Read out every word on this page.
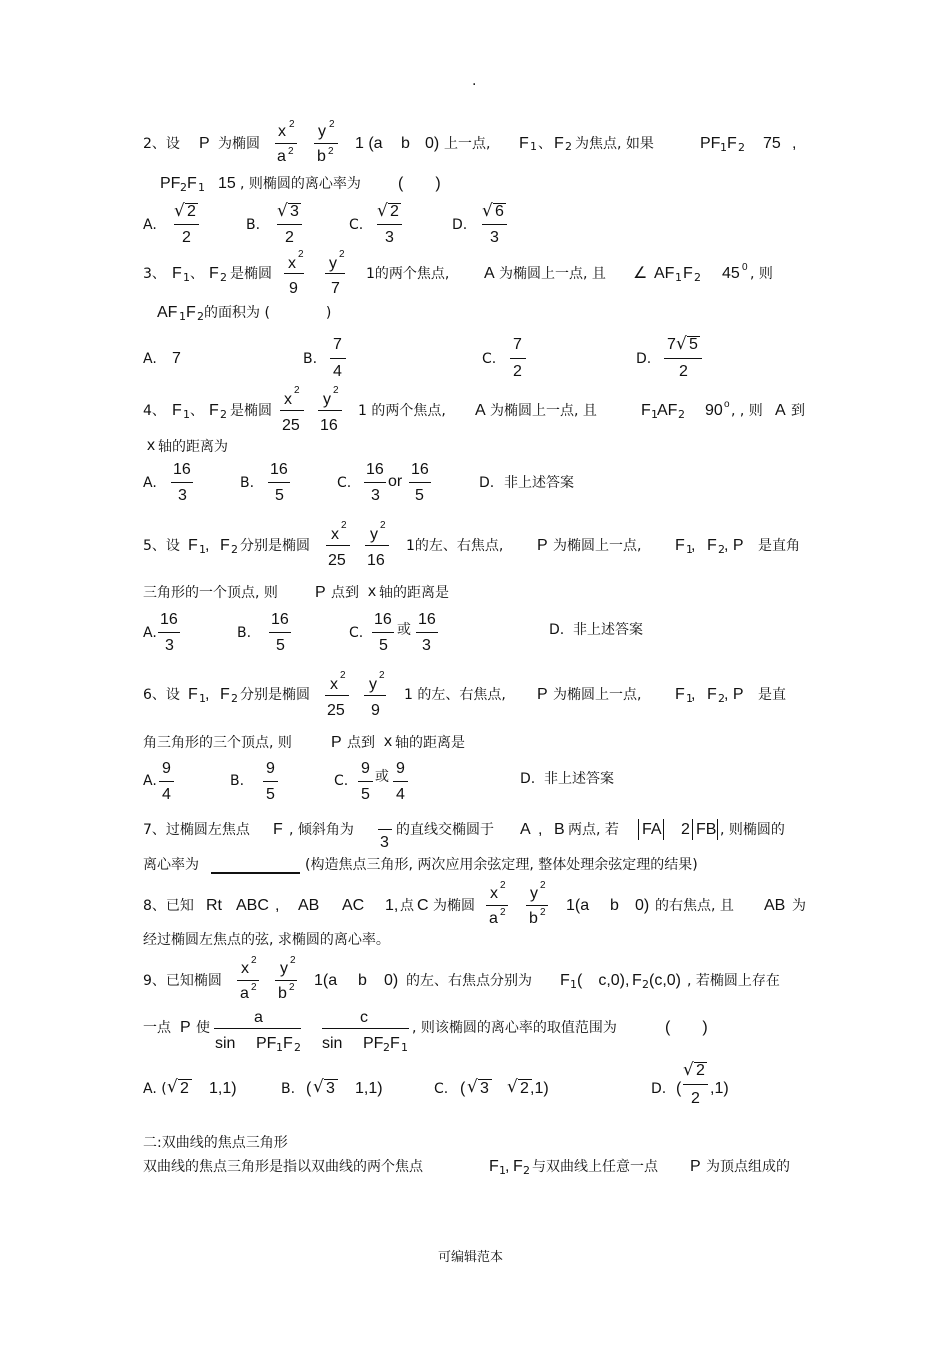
.
2、设 P 为椭圆
x 2
a 2
y 2
b 2 1 (a b 0) 上一点, F 1 、 F 2 为焦点, 如果	PF 1 F 2 75 ,
PF 2 F 1 15 , 则椭圆的离心率为 (　　)
A.
√ 2
2
B.
√ 3
2
C.
√ 2
3
D.
√ 6
3
3、 F 1 、 F 2 是椭圆
x
2
9
y
2
7
1的两个焦点, A 为椭圆上一点, 且 ∠ AF 1 F 2 45 0 , 则
AF 1 F 2 的面积为 (　　　　)
A. 7	B.
7
4
C.
7
2
D.
7 √ 5
2
4、 F 1 、 F 2 是椭圆
x
2
25
y
2
16
1 的两个焦点, A 为椭圆上一点, 且	F 1 AF 2 90 o , , 则 A 到
x 轴的距离为
A.
16
3
B.
16
5
C.
16
3
or
16
5
D. 非上述答案
5、设 F 1 , F 2 分别是椭圆
x
2
25
y
2
16
1的左、右焦点, P 为椭圆上一点, F 1
, F 2 , P 是直角
三角形的一个顶点, 则 P 点到 x 轴的距离是
A.
16
3
B.
16
5
C.
16
5
或
16
3
D. 非上述答案
6、设 F 1 , F 2 分别是椭圆
x
2
25
y
2
9
1 的左、右焦点, P 为椭圆上一点, F 1
, F 2 , P 是直
角三角形的三个顶点, 则 P 点到 x 轴的距离是
A.
9
4
B.
9
5
C.
9
5
或 9
4
D. 非上述答案
7、过椭圆左焦点 F , 倾斜角为
3
的直线交椭圆于 A , B 两点, 若 FA 2 FB , 则椭圆的
离心率为	(构造焦点三角形, 两次应用余弦定理, 整体处理余弦定理的结果)
8、已知 Rt ABC , AB AC 1, 点 C 为椭圆
x 2
a 2
y 2
b 2 1(a b 0) 的右焦点, 且 AB 为
经过椭圆左焦点的弦, 求椭圆的离心率。
9、已知椭圆
x 2
a 2
y 2
b 2 1(a b 0) 的左、右焦点分别为 F 1 (　c,0), F 2 (c,0) , 若椭圆上存在
一点 P 使
a
sin PF 1 F 2
c
sin PF 2 F 1
, 则该椭圆的离心率的取值范围为	(　　)
A. ( √ 2 1,1)	B. ( √ 3 1,1)	C. ( √ 3 √ 2 ,1)	D. (
√ 2
2
,1)
二:双曲线的焦点三角形
双曲线的焦点三角形是指以双曲线的两个焦点	F 1 , F 2 与双曲线上任意一点 P 为顶点组成的
可编辑范本
